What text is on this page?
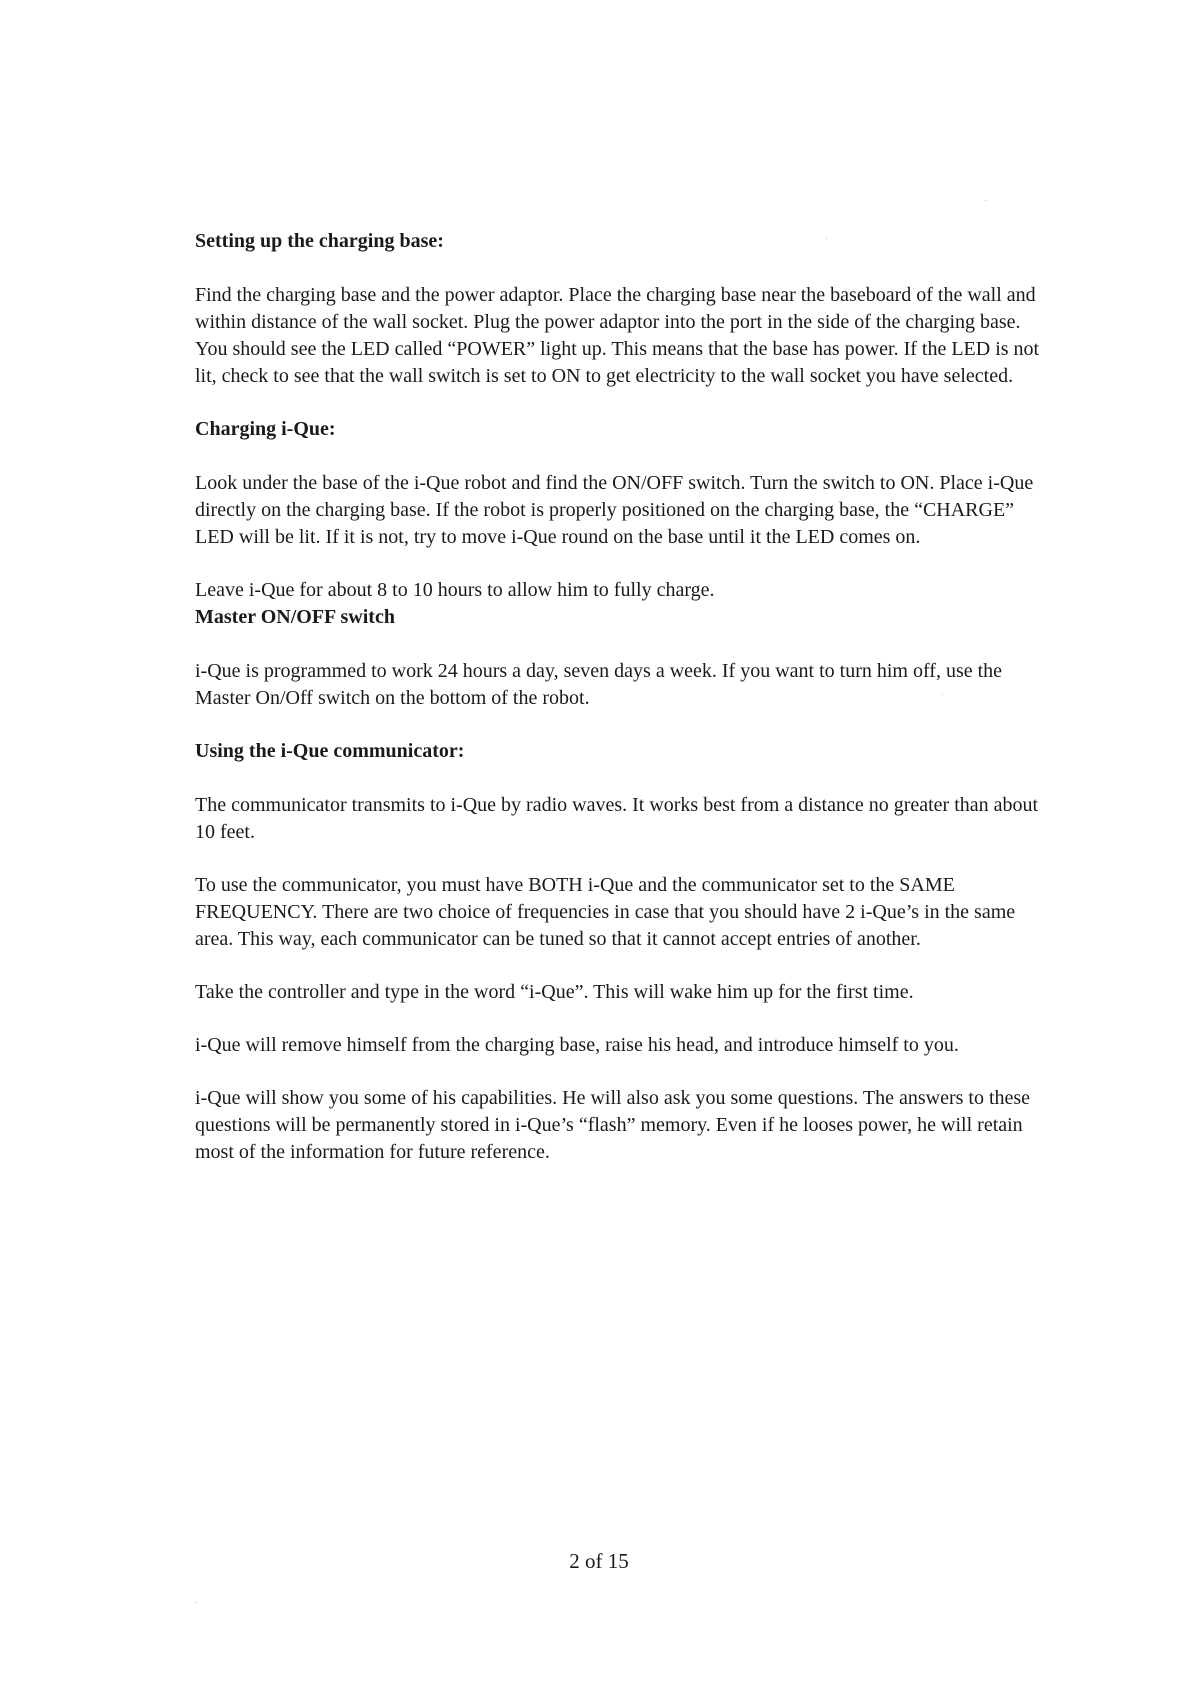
Setting up the charging base:

Find the charging base and the power adaptor. Place the charging base near the baseboard of the wall and within distance of the wall socket. Plug the power adaptor into the port in the side of the charging base. You should see the LED called “POWER” light up. This means that the base has power. If the LED is not lit, check to see that the wall switch is set to ON to get electricity to the wall socket you have selected.

Charging i-Que:

Look under the base of the i-Que robot and find the ON/OFF switch. Turn the switch to ON. Place i-Que directly on the charging base. If the robot is properly positioned on the charging base, the “CHARGE” LED will be lit. If it is not, try to move i-Que round on the base until it the LED comes on.

Leave i-Que for about 8 to 10 hours to allow him to fully charge.

Master ON/OFF switch

i-Que is programmed to work 24 hours a day, seven days a week. If you want to turn him off, use the Master On/Off switch on the bottom of the robot.

Using the i-Que communicator:

The communicator transmits to i-Que by radio waves. It works best from a distance no greater than about 10 feet.

To use the communicator, you must have BOTH i-Que and the communicator set to the SAME FREQUENCY. There are two choice of frequencies in case that you should have 2 i-Que’s in the same area. This way, each communicator can be tuned so that it cannot accept entries of another.

Take the controller and type in the word “i-Que”. This will wake him up for the first time.

i-Que will remove himself from the charging base, raise his head, and introduce himself to you.

i-Que will show you some of his capabilities. He will also ask you some questions. The answers to these questions will be permanently stored in i-Que’s “flash” memory. Even if he looses power, he will retain most of the information for future reference.

2 of 15
